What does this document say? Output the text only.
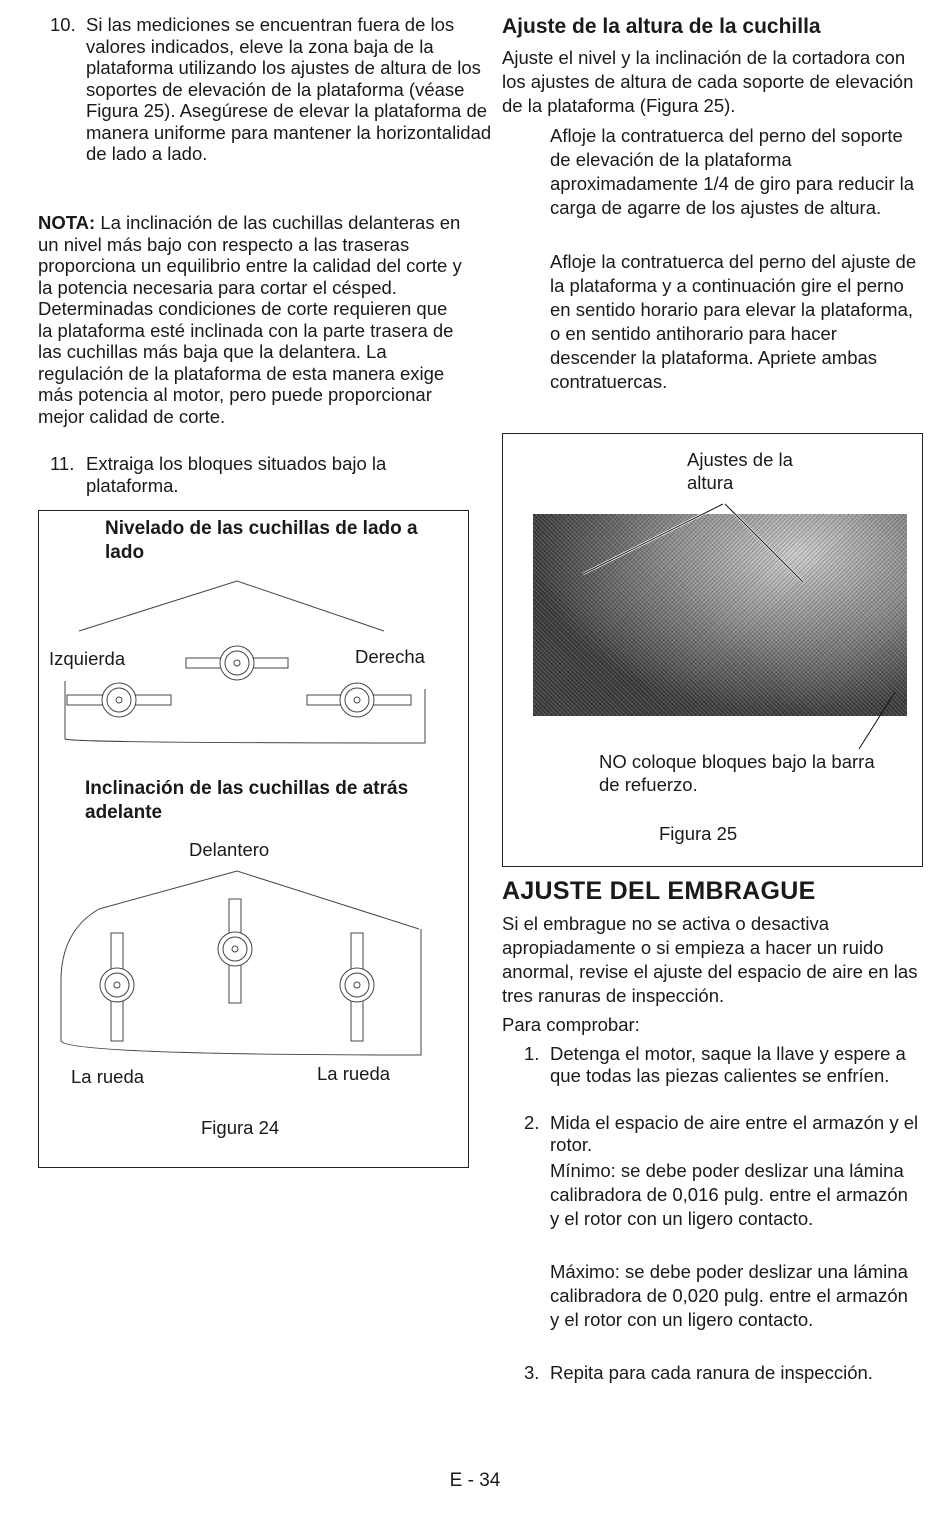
10. Si las mediciones se encuentran fuera de los valores indicados, eleve la zona baja de la plataforma utilizando los ajustes de altura de los soportes de elevación de la plataforma (véase Figura 25). Asegúrese de elevar la plataforma de manera uniforme para mantener la horizontalidad de lado a lado.

NOTA: La inclinación de las cuchillas delanteras en un nivel más bajo con respecto a las traseras proporciona un equilibrio entre la calidad del corte y la potencia necesaria para cortar el césped. Determinadas condiciones de corte requieren que la plataforma esté inclinada con la parte trasera de las cuchillas más baja que la delantera. La regulación de la plataforma de esta manera exige más potencia al motor, pero puede proporcionar mejor calidad de corte.

11. Extraiga los bloques situados bajo la plataforma.
Nivelado de las cuchillas de lado a lado
Izquierda	Derecha
Inclinación de las cuchillas de atrás adelante
Delantero
La rueda	La rueda
Figura 24
Ajuste de la altura de la cuchilla

Ajuste el nivel y la inclinación de la cortadora con los ajustes de altura de cada soporte de elevación de la plataforma (Figura 25).

Afloje la contratuerca del perno del soporte de elevación de la plataforma aproximadamente 1/4 de giro para reducir la carga de agarre de los ajustes de altura.

Afloje la contratuerca del perno del ajuste de la plataforma y a continuación gire el perno en sentido horario para elevar la plataforma, o en sentido antihorario para hacer descender la plataforma. Apriete ambas contratuercas.

Ajustes de la altura
NO coloque bloques bajo la barra de refuerzo.
Figura 25
AJUSTE DEL EMBRAGUE

Si el embrague no se activa o desactiva apropiadamente o si empieza a hacer un ruido anormal, revise el ajuste del espacio de aire en las tres ranuras de inspección.

Para comprobar:

1. Detenga el motor, saque la llave y espere a que todas las piezas calientes se enfríen.
2. Mida el espacio de aire entre el armazón y el rotor.

Mínimo: se debe poder deslizar una lámina calibradora de 0,016 pulg. entre el armazón y el rotor con un ligero contacto.

Máximo: se debe poder deslizar una lámina calibradora de 0,020 pulg. entre el armazón y el rotor con un ligero contacto.

3. Repita para cada ranura de inspección.
E - 34
